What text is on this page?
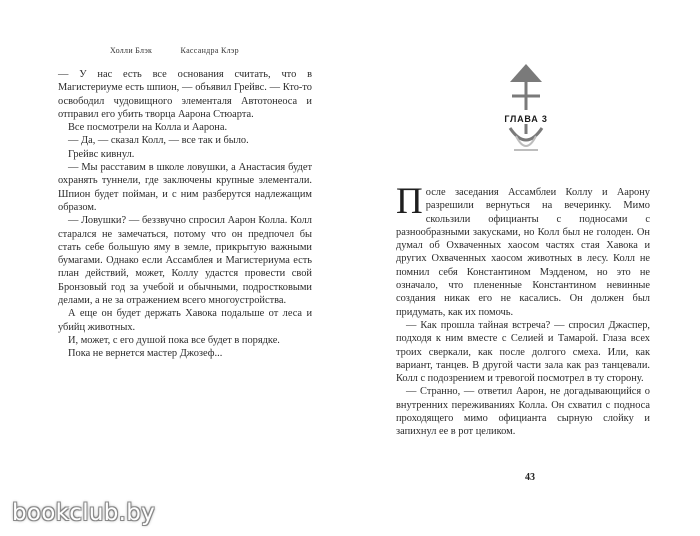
Холли Блэк	Кассандра Клэр

— У нас есть все основания считать, что в Магистериуме есть шпион, — объявил Грейвс. — Кто-то освободил чудовищного элементаля Автотонеоса и отправил его убить творца Аарона Стюарта.

Все посмотрели на Колла и Аарона.

— Да, — сказал Колл, — все так и было.

Грейвс кивнул.

— Мы расставим в школе ловушки, а Анастасия будет охранять туннели, где заключены крупные элементали. Шпион будет пойман, и с ним разберутся надлежащим образом.

— Ловушки? — беззвучно спросил Аарон Колла. Колл старался не замечаться, потому что он предпочел бы стать себе большую яму в земле, прикрытую важными бумагами. Однако если Ассамблея и Магистериума есть план действий, может, Коллу удастся провести свой Бронзовый год за учебой и обычными, подростковыми делами, а не за отражением всего многоустройства.

А еще он будет держать Хавока подальше от леса и убийц животных.

И, может, с его душой пока все будет в порядке.

Пока не вернется мастер Джозеф...

ГЛАВА 3

После заседания Ассамблеи Коллу и Аарону разрешили вернуться на вечеринку. Мимо скользили официанты с подносами с разнообразными закусками, но Колл был не голоден. Он думал об Охваченных хаосом частях стая Хавока и других Охваченных хаосом животных в лесу. Колл не помнил себя Константином Мэдденом, но это не означало, что плененные Константином невинные создания никак его не касались. Он должен был придумать, как их помочь.

— Как прошла тайная встреча? — спросил Джаспер, подходя к ним вместе с Селией и Тамарой. Глаза всех троих сверкали, как после долгого смеха. Или, как вариант, танцев. В другой части зала как раз танцевали. Колл с подозрением и тревогой посмотрел в ту сторону.

— Странно, — ответил Аарон, не догадывающийся о внутренних переживаниях Колла. Он схватил с подноса проходящего мимо официанта сырную слойку и запихнул ее в рот целиком.

43
bookclub.by
